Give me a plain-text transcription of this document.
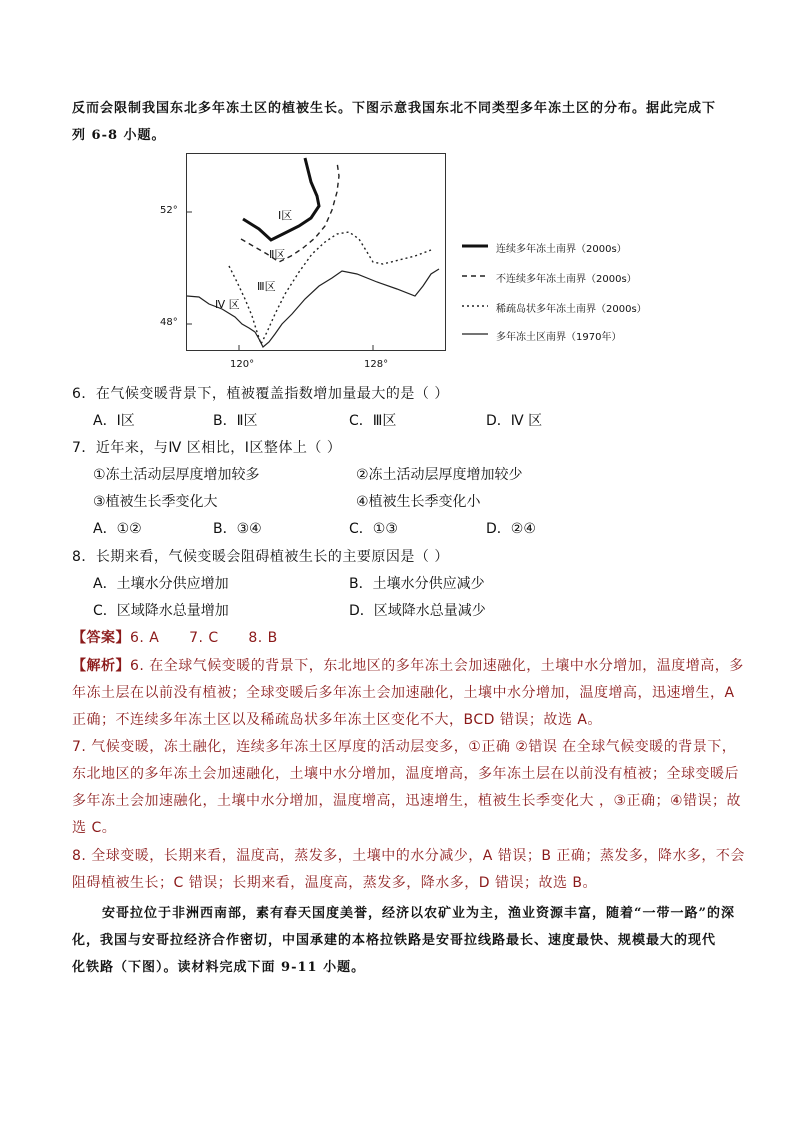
反而会限制我国东北多年冻土区的植被生长。下图示意我国东北不同类型多年冻土区的分布。据此完成下
列 6-8 小题。
Ⅰ区
Ⅱ区
Ⅲ区
Ⅳ 区
52°
48°
120°	128°
连续多年冻土南界（2000s）
不连续多年冻土南界（2000s）
稀疏岛状多年冻土南界（2000s）
多年冻土区南界（1970年）
6．在气候变暖背景下，植被覆盖指数增加量最大的是（ ）
A．Ⅰ区	B．Ⅱ区	C．Ⅲ区	D．Ⅳ 区
7．近年来，与Ⅳ 区相比，Ⅰ区整体上（ ）
①冻土活动层厚度增加较多	②冻土活动层厚度增加较少
③植被生长季变化大	④植被生长季变化小
A．①②	B．③④	C．①③	D．②④
8．长期来看，气候变暖会阻碍植被生长的主要原因是（ ）
A．土壤水分供应增加	B．土壤水分供应减少
C．区域降水总量增加	D．区域降水总量减少
【答案】6. A      7. C      8. B
【解析】6. 在全球气候变暖的背景下，东北地区的多年冻土会加速融化，土壤中水分增加，温度增高，多
年冻土层在以前没有植被；全球变暖后多年冻土会加速融化，土壤中水分增加，温度增高，迅速增生，A
正确；不连续多年冻土区以及稀疏岛状多年冻土区变化不大，BCD 错误；故选 A。
7. 气候变暖，冻土融化，连续多年冻土区厚度的活动层变多，①正确 ②错误 在全球气候变暖的背景下，
东北地区的多年冻土会加速融化，土壤中水分增加，温度增高，多年冻土层在以前没有植被；全球变暖后
多年冻土会加速融化，土壤中水分增加，温度增高，迅速增生，植被生长季变化大 ，③正确；④错误；故
选 C。
8. 全球变暖，长期来看，温度高，蒸发多，土壤中的水分减少，A 错误；B 正确；蒸发多，降水多，不会
阻碍植被生长；C 错误；长期来看，温度高，蒸发多，降水多，D 错误；故选 B。
安哥拉位于非洲西南部，素有春天国度美誉，经济以农矿业为主，渔业资源丰富，随着“一带一路”的深
化，我国与安哥拉经济合作密切，中国承建的本格拉铁路是安哥拉线路最长、速度最快、规模最大的现代
化铁路（下图）。读材料完成下面 9-11 小题。
